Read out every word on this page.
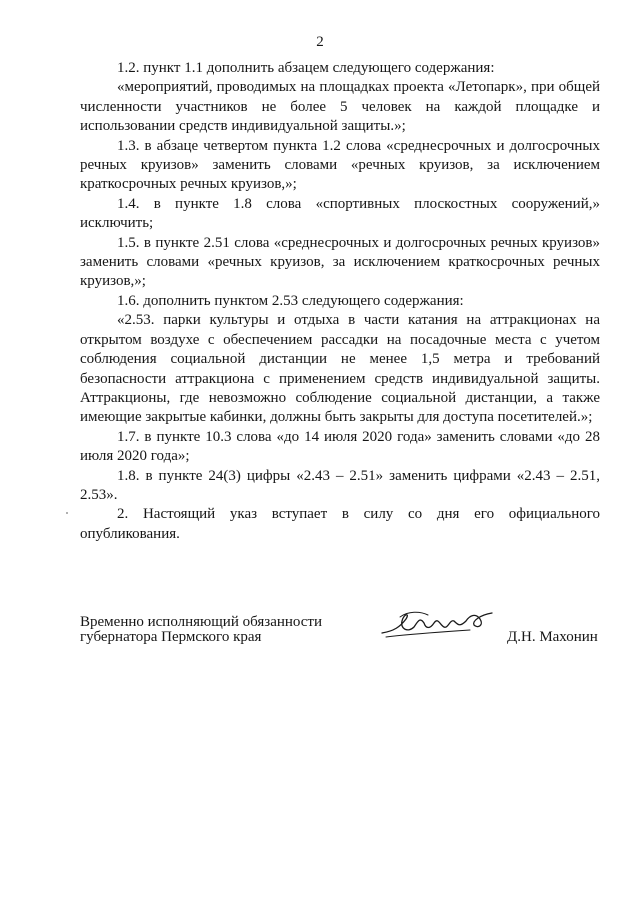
2

1.2. пункт 1.1 дополнить абзацем следующего содержания:

«мероприятий, проводимых на площадках проекта «Летопарк», при общей численности участников не более 5 человек на каждой площадке и использовании средств индивидуальной защиты.»;

1.3. в абзаце четвертом пункта 1.2 слова «среднесрочных и долгосрочных речных круизов» заменить словами «речных круизов, за исключением краткосрочных речных круизов,»;

1.4. в пункте 1.8 слова «спортивных плоскостных сооружений,» исключить;

1.5. в пункте 2.51 слова «среднесрочных и долгосрочных речных круизов» заменить словами «речных круизов, за исключением краткосрочных речных круизов,»;

1.6. дополнить пунктом 2.53 следующего содержания:

«2.53. парки культуры и отдыха в части катания на аттракционах на открытом воздухе с обеспечением рассадки на посадочные места с учетом соблюдения социальной дистанции не менее 1,5 метра и требований безопасности аттракциона с применением средств индивидуальной защиты. Аттракционы, где невозможно соблюдение социальной дистанции, а также имеющие закрытые кабинки, должны быть закрыты для доступа посетителей.»;

1.7. в пункте 10.3 слова «до 14 июля 2020 года» заменить словами «до 28 июля 2020 года»;

1.8. в пункте 24(3) цифры «2.43 – 2.51» заменить цифрами «2.43 – 2.51, 2.53».

2. Настоящий указ вступает в силу со дня его официального опубликования.

Временно исполняющий обязанности
губернатора Пермского края	Д.Н. Махонин
